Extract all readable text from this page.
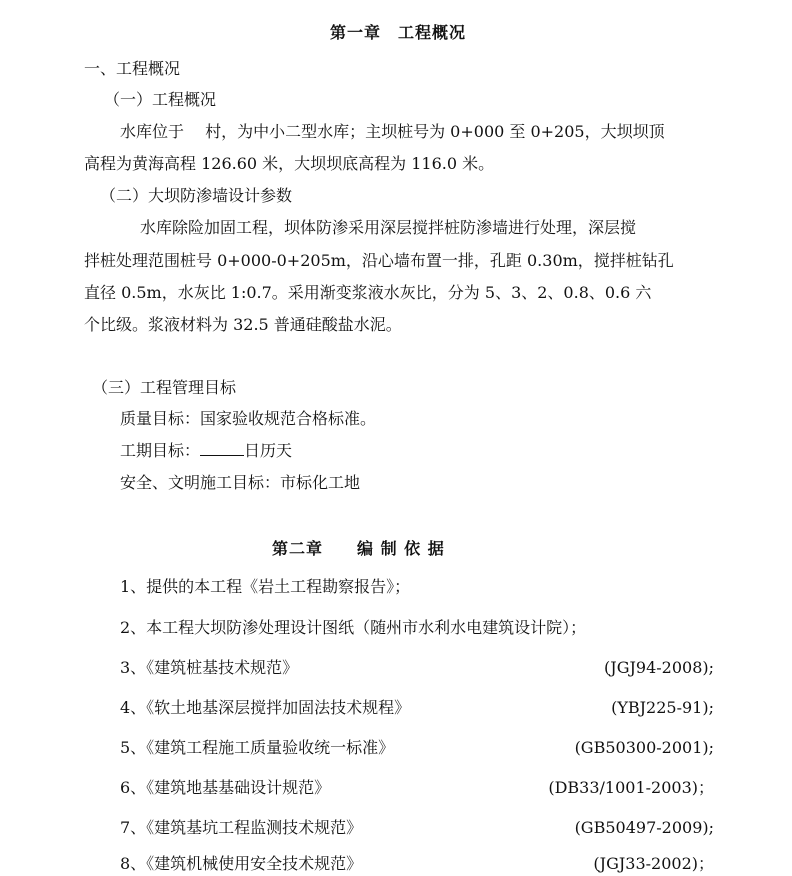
第一章　工程概况
一、工程概况
（一）工程概况
水库位于　 村，为中小二型水库；主坝桩号为 0+000 至 0+205，大坝坝顶
高程为黄海高程 126.60 米，大坝坝底高程为 116.0 米。
（二）大坝防渗墙设计参数
水库除险加固工程，坝体防渗采用深层搅拌桩防渗墙进行处理，深层搅
拌桩处理范围桩号 0+000-0+205m，沿心墙布置一排，孔距 0.30m，搅拌桩钻孔
直径 0.5m，水灰比 1:0.7。采用渐变浆液水灰比，分为 5、3、2、0.8、0.6 六
个比级。浆液材料为 32.5 普通硅酸盐水泥。
（三）工程管理目标
质量目标：国家验收规范合格标准。
工期目标：	日历天
安全、文明施工目标：市标化工地
第二章　　编 制 依 据
1、提供的本工程《岩土工程勘察报告》；
2、本工程大坝防渗处理设计图纸（随州市水利水电建筑设计院）；
3、《建筑桩基技术规范》	(JGJ94-2008);
4、《软土地基深层搅拌加固法技术规程》	(YBJ225-91);
5、《建筑工程施工质量验收统一标准》	(GB50300-2001);
6、《建筑地基基础设计规范》	(DB33/1001-2003)；
7、《建筑基坑工程监测技术规范》	(GB50497-2009);
8、《建筑机械使用安全技术规范》	(JGJ33-2002)；
